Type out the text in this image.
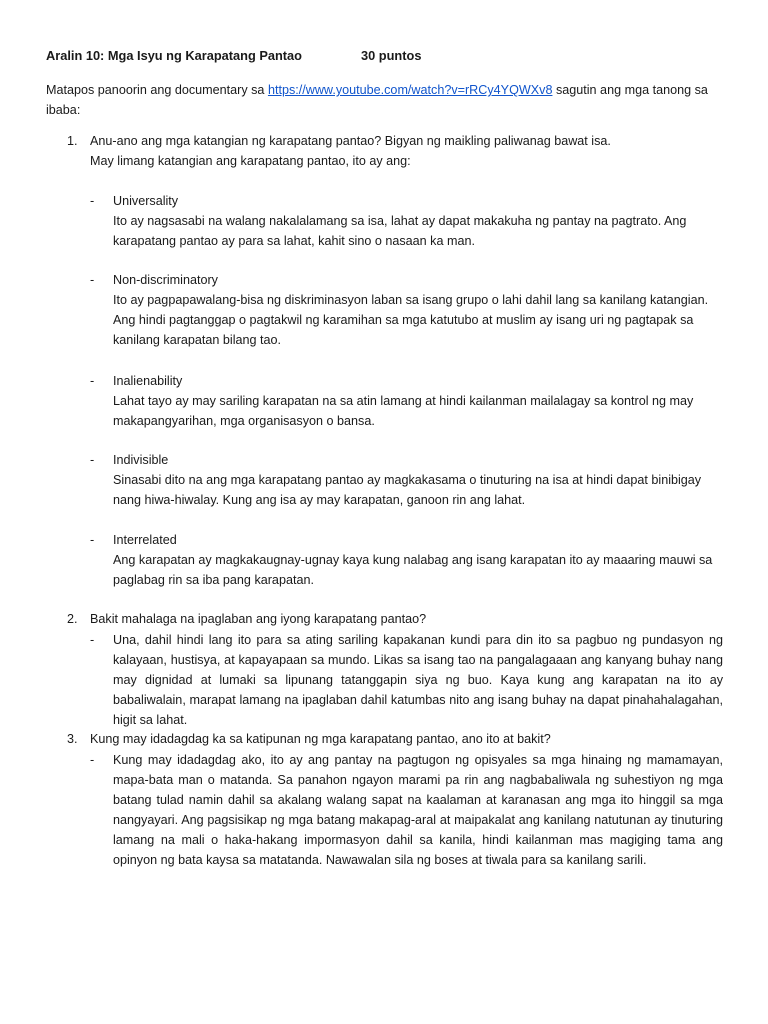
Aralin 10: Mga Isyu ng Karapatang Pantao	30 puntos
Matapos panoorin ang documentary sa https://www.youtube.com/watch?v=rRCy4YQWXv8 sagutin ang mga tanong sa ibaba:
1. Anu-ano ang mga katangian ng karapatang pantao? Bigyan ng maikling paliwanag bawat isa.
May limang katangian ang karapatang pantao, ito ay ang:
- Universality
Ito ay nagsasabi na walang nakalalamang sa isa, lahat ay dapat makakuha ng pantay na pagtrato. Ang karapatang pantao ay para sa lahat, kahit sino o nasaan ka man.
- Non-discriminatory
Ito ay pagpapawalang-bisa ng diskriminasyon laban sa isang grupo o lahi dahil lang sa kanilang katangian. Ang hindi pagtanggap o pagtakwil ng karamihan sa mga katutubo at muslim ay isang uri ng pagtapak sa kanilang karapatan bilang tao.
- Inalienability
Lahat tayo ay may sariling karapatan na sa atin lamang at hindi kailanman mailalagay sa kontrol ng may makapangyarihan, mga organisasyon o bansa.
- Indivisible
Sinasabi dito na ang mga karapatang pantao ay magkakasama o tinuturing na isa at hindi dapat binibigay nang hiwa-hiwalay. Kung ang isa ay may karapatan, ganoon rin ang lahat.
- Interrelated
Ang karapatan ay magkakaugnay-ugnay kaya kung nalabag ang isang karapatan ito ay maaaring mauwi sa paglabag rin sa iba pang karapatan.
2. Bakit mahalaga na ipaglaban ang iyong karapatang pantao?
- Una, dahil hindi lang ito para sa ating sariling kapakanan kundi para din ito sa pagbuo ng pundasyon ng kalayaan, hustisya, at kapayapaan sa mundo. Likas sa isang tao na pangalagaaan ang kanyang buhay nang may dignidad at lumaki sa lipunang tatanggapin siya ng buo. Kaya kung ang karapatan na ito ay babaliwalain, marapat lamang na ipaglaban dahil katumbas nito ang isang buhay na dapat pinahahalagahan, higit sa lahat.
3. Kung may idadagdag ka sa katipunan ng mga karapatang pantao, ano ito at bakit?
- Kung may idadagdag ako, ito ay ang pantay na pagtugon ng opisyales sa mga hinaing ng mamamayan, mapa-bata man o matanda. Sa panahon ngayon marami pa rin ang nagbabaliwala ng suhestiyon ng mga batang tulad namin dahil sa akalang walang sapat na kaalaman at karanasan ang mga ito hinggil sa mga nangyayari. Ang pagsisikap ng mga batang makapag-aral at maipakalat ang kanilang natutunan ay tinuturing lamang na mali o haka-hakang impormasyon dahil sa kanila, hindi kailanman mas magiging tama ang opinyon ng bata kaysa sa matatanda. Nawawalan sila ng boses at tiwala para sa kanilang sarili.
